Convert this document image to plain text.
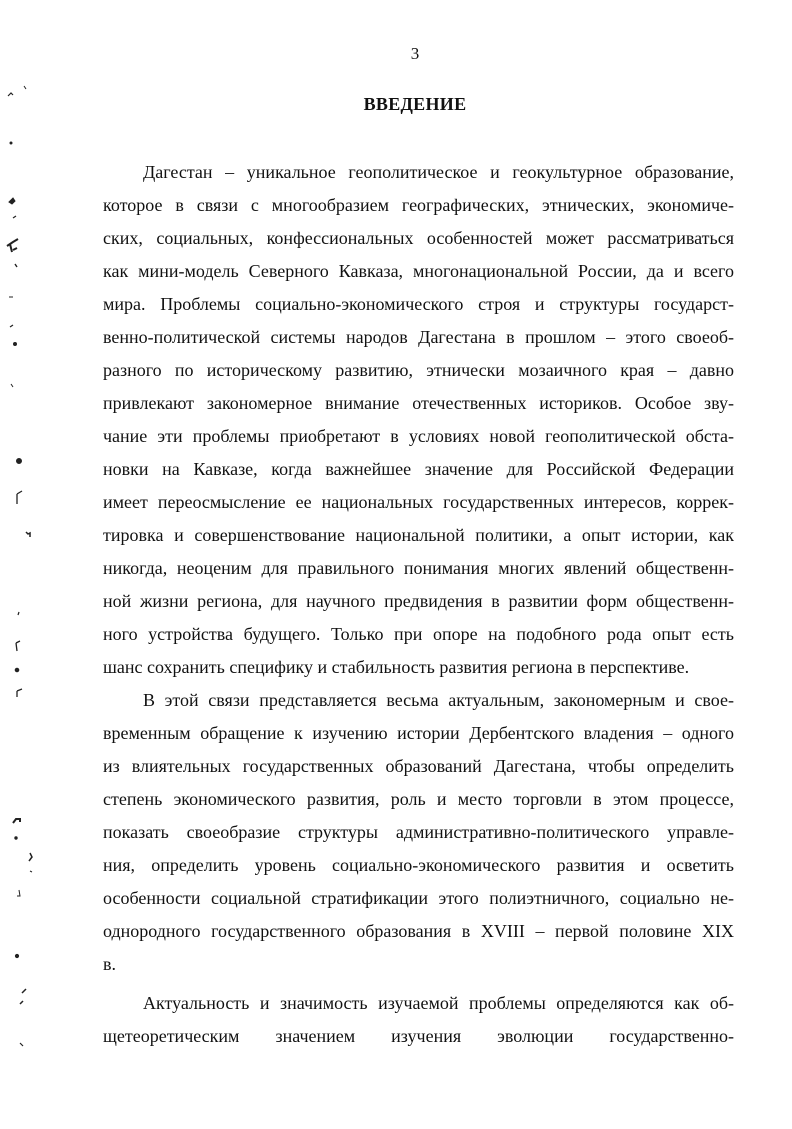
3
ВВЕДЕНИЕ
Дагестан – уникальное геополитическое и геокультурное образование,
которое в связи с многообразием географических, этнических, экономиче-
ских, социальных, конфессиональных особенностей может рассматриваться
как мини-модель Северного Кавказа, многонациональной России, да и всего
мира. Проблемы социально-экономического строя и структуры государст-
венно-политической системы народов Дагестана в прошлом – этого своеоб-
разного по историческому развитию, этнически мозаичного края – давно
привлекают закономерное внимание отечественных историков. Особое зву-
чание эти проблемы приобретают в условиях новой геополитической обста-
новки на Кавказе, когда важнейшее значение для Российской Федерации
имеет переосмысление ее национальных государственных интересов, коррек-
тировка и совершенствование национальной политики, а опыт истории, как
никогда, неоценим для правильного понимания многих явлений общественн-
ной жизни региона, для научного предвидения в развитии форм общественн-
ного устройства будущего. Только при опоре на подобного рода опыт есть
шанс сохранить специфику и стабильность развития региона в перспективе.
В этой связи представляется весьма актуальным, закономерным и свое-
временным обращение к изучению истории Дербентского владения – одного
из влиятельных государственных образований Дагестана, чтобы определить
степень экономического развития, роль и место торговли в этом процессе,
показать своеобразие структуры административно-политического управле-
ния, определить уровень социально-экономического развития и осветить
особенности социальной стратификации этого полиэтничного, социально не-
однородного государственного образования в XVIII – первой половине XIX
в.
Актуальность и значимость изучаемой проблемы определяются как об-
щетеоретическим значением изучения эволюции государственно-
